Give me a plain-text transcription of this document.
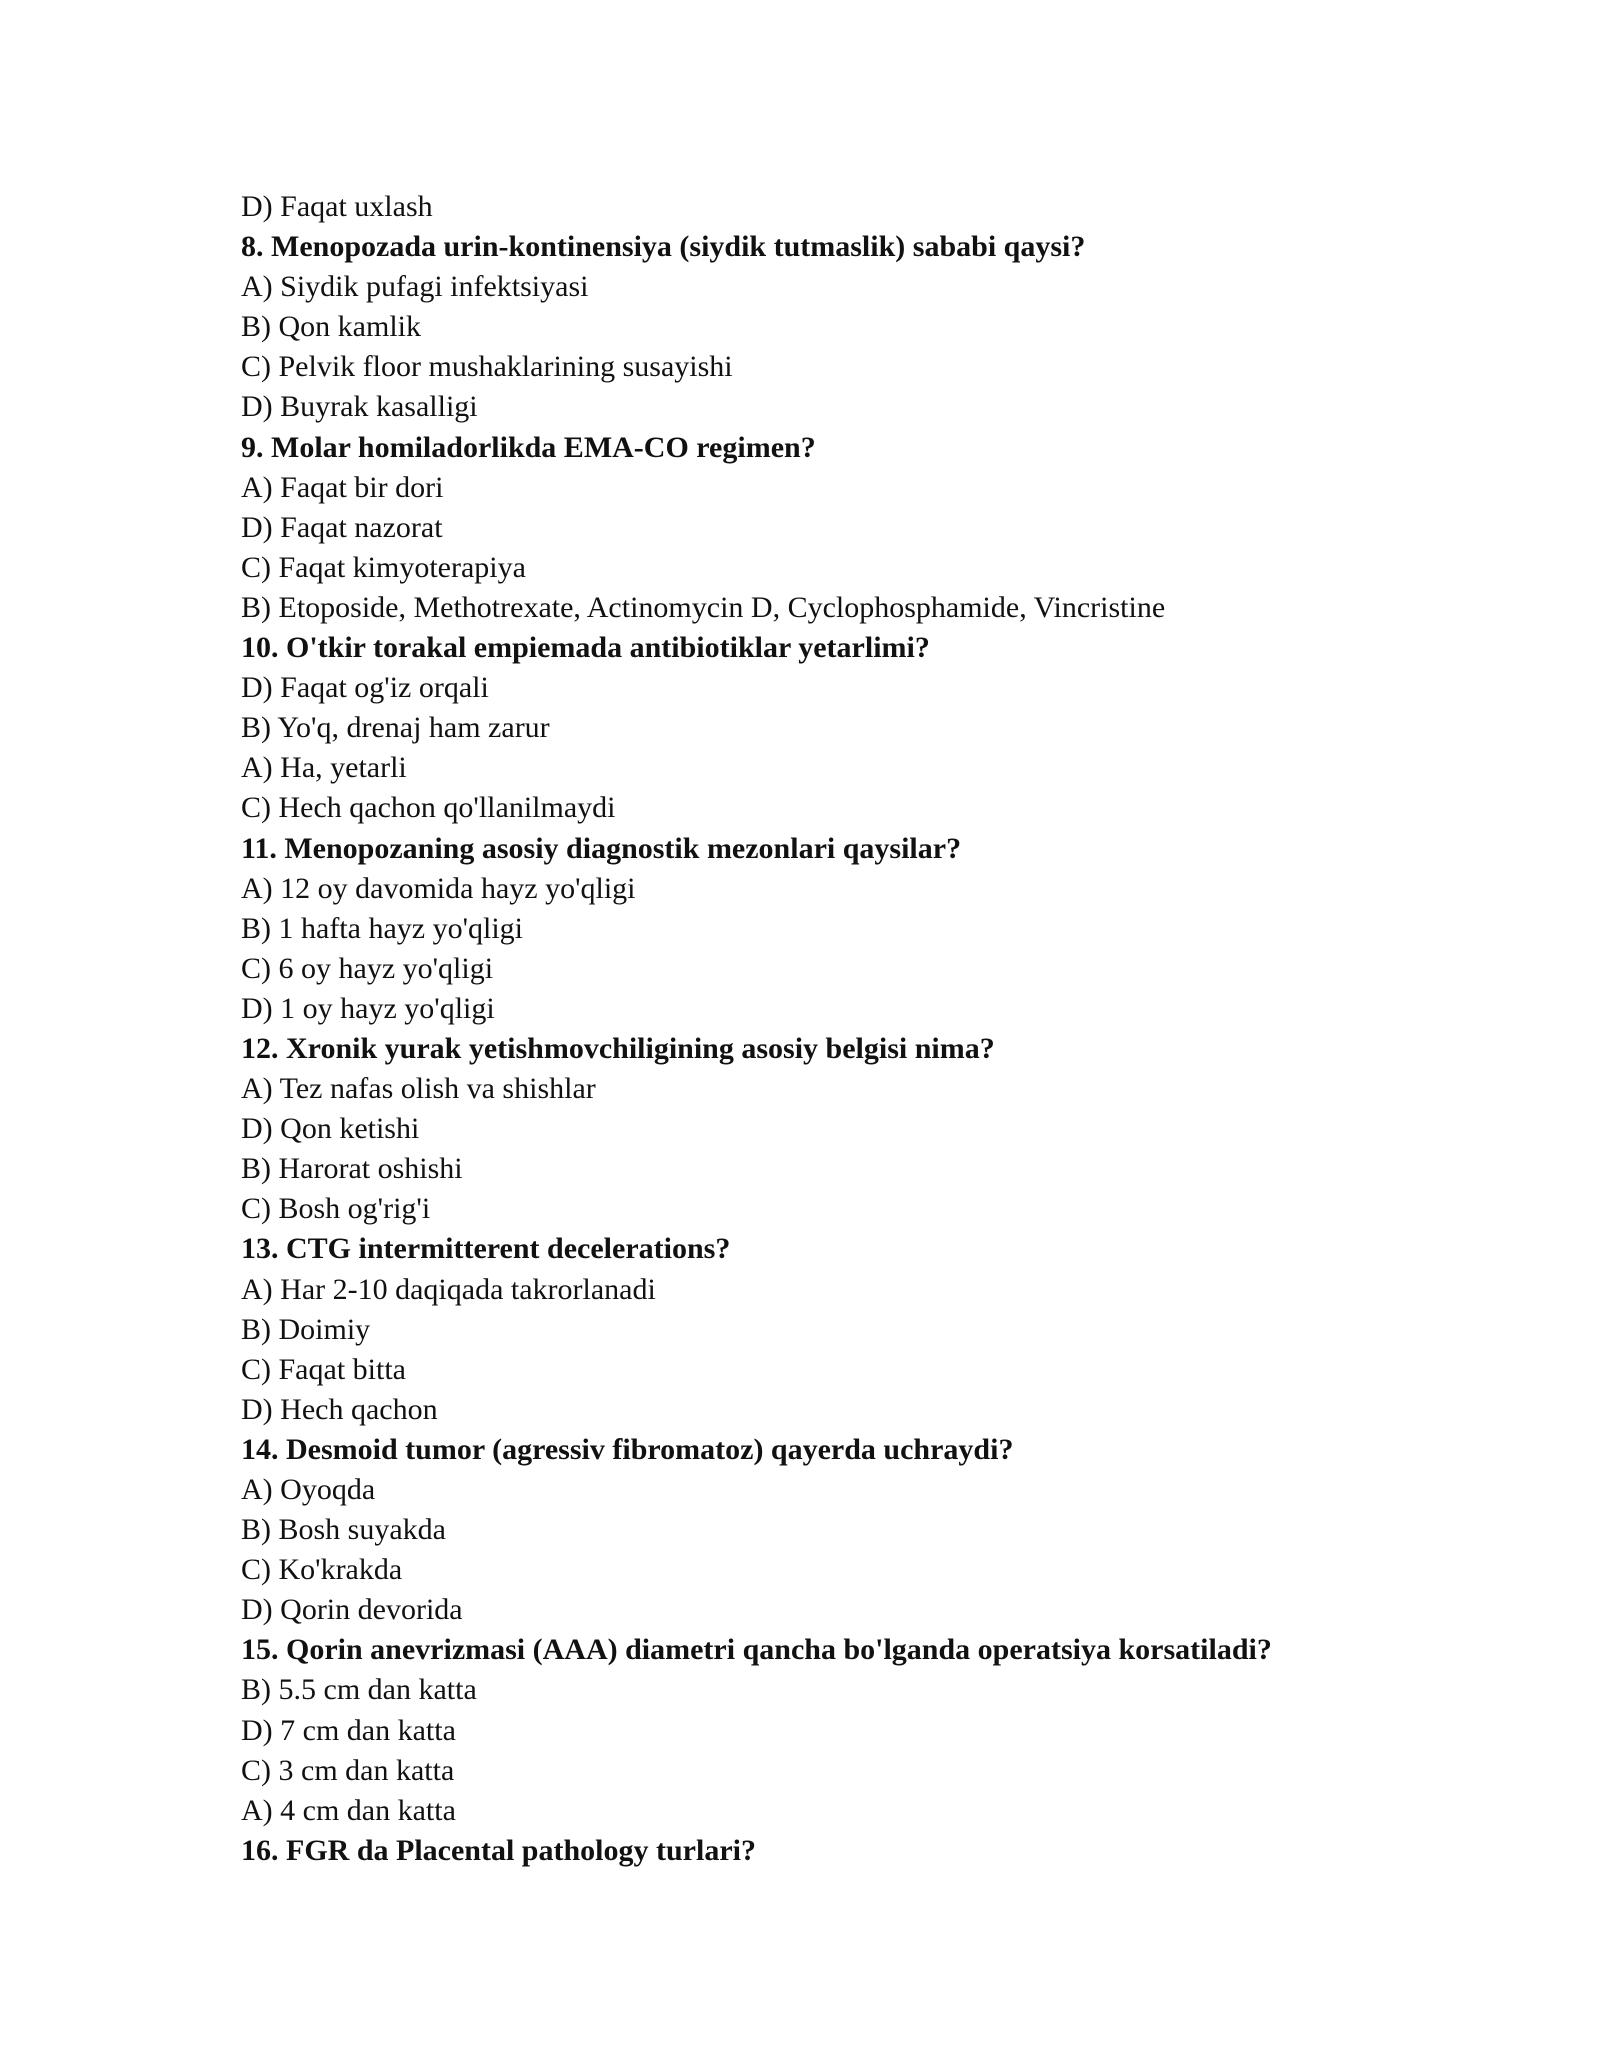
D) Faqat uxlash
8. Menopozada urin-kontinensiya (siydik tutmaslik) sababi qaysi?
A) Siydik pufagi infektsiyasi
B) Qon kamlik
C) Pelvik floor mushaklarining susayishi
D) Buyrak kasalligi
9. Molar homiladorlikda EMA-CO regimen?
A) Faqat bir dori
D) Faqat nazorat
C) Faqat kimyoterapiya
B) Etoposide, Methotrexate, Actinomycin D, Cyclophosphamide, Vincristine
10. O'tkir torakal empiemada antibiotiklar yetarlimi?
D) Faqat og'iz orqali
B) Yo'q, drenaj ham zarur
A) Ha, yetarli
C) Hech qachon qo'llanilmaydi
11. Menopozaning asosiy diagnostik mezonlari qaysilar?
A) 12 oy davomida hayz yo'qligi
B) 1 hafta hayz yo'qligi
C) 6 oy hayz yo'qligi
D) 1 oy hayz yo'qligi
12. Xronik yurak yetishmovchiligining asosiy belgisi nima?
A) Tez nafas olish va shishlar
D) Qon ketishi
B) Harorat oshishi
C) Bosh og'rig'i
13. CTG intermitterent decelerations?
A) Har 2-10 daqiqada takrorlanadi
B) Doimiy
C) Faqat bitta
D) Hech qachon
14. Desmoid tumor (agressiv fibromatoz) qayerda uchraydi?
A) Oyoqda
B) Bosh suyakda
C) Ko'krakda
D) Qorin devorida
15. Qorin anevrizmasi (AAA) diametri qancha bo'lganda operatsiya korsatiladi?
B) 5.5 cm dan katta
D) 7 cm dan katta
C) 3 cm dan katta
A) 4 cm dan katta
16. FGR da Placental pathology turlari?
